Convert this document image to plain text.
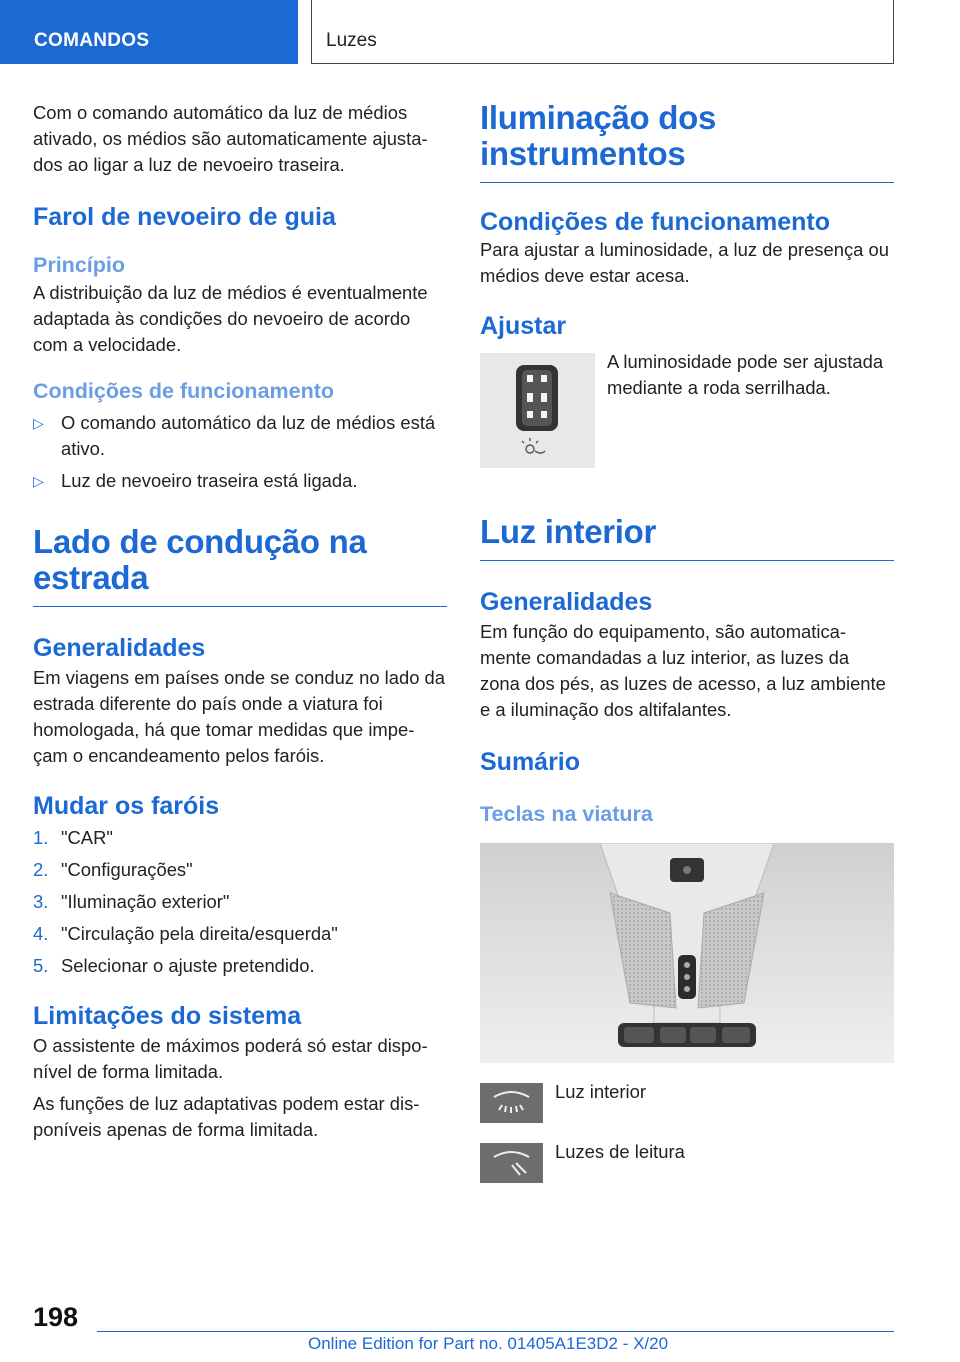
COMANDOS	Luzes

Com o comando automático da luz de médios ativado, os médios são automaticamente ajusta-dos ao ligar a luz de nevoeiro traseira.

Farol de nevoeiro de guia
Princípio

A distribuição da luz de médios é eventualmente adaptada às condições do nevoeiro de acordo com a velocidade.

Condições de funcionamento
▷ O comando automático da luz de médios está ativo.
▷ Luz de nevoeiro traseira está ligada.
Lado de condução na estrada
Generalidades

Em viagens em países onde se conduz no lado da estrada diferente do país onde a viatura foi homologada, há que tomar medidas que impe-çam o encandeamento pelos faróis.

Mudar os faróis
1. "CAR"
2. "Configurações"
3. "Iluminação exterior"
4. "Circulação pela direita/esquerda"
5. Selecionar o ajuste pretendido.
Limitações do sistema

O assistente de máximos poderá só estar dispo-nível de forma limitada.

As funções de luz adaptativas podem estar dis-poníveis apenas de forma limitada.

Iluminação dos instrumentos
Condições de funcionamento

Para ajustar a luminosidade, a luz de presença ou médios deve estar acesa.

Ajustar

A luminosidade pode ser ajustada mediante a roda serrilhada.

Luz interior
Generalidades

Em função do equipamento, são automatica-mente comandadas a luz interior, as luzes da zona dos pés, as luzes de acesso, a luz ambiente e a iluminação dos altifalantes.

Sumário
Teclas na viatura

Luz interior

Luzes de leitura

198
Online Edition for Part no. 01405A1E3D2 - X/20
